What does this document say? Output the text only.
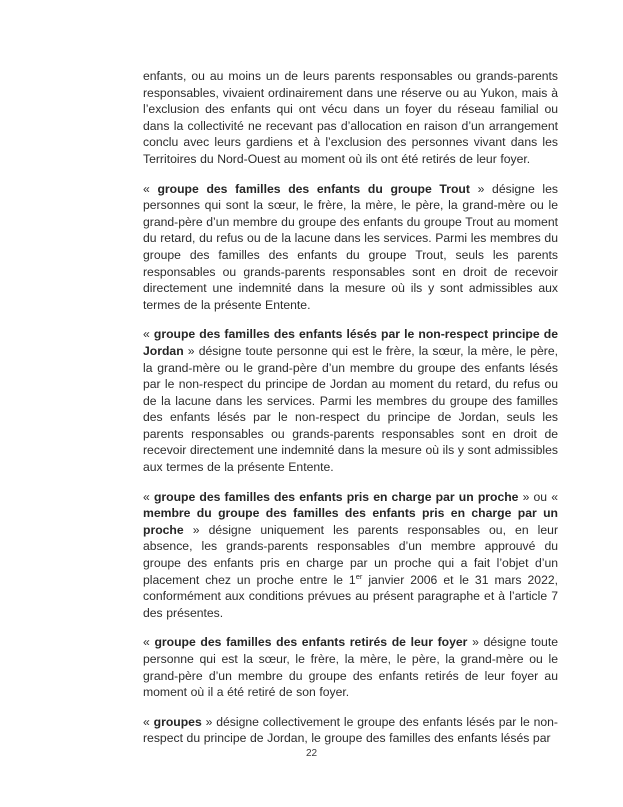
enfants, ou au moins un de leurs parents responsables ou grands-parents responsables, vivaient ordinairement dans une réserve ou au Yukon, mais à l’exclusion des enfants qui ont vécu dans un foyer du réseau familial ou dans la collectivité ne recevant pas d’allocation en raison d’un arrangement conclu avec leurs gardiens et à l’exclusion des personnes vivant dans les Territoires du Nord-Ouest au moment où ils ont été retirés de leur foyer.

« groupe des familles des enfants du groupe Trout » désigne les personnes qui sont la sœur, le frère, la mère, le père, la grand-mère ou le grand-père d’un membre du groupe des enfants du groupe Trout au moment du retard, du refus ou de la lacune dans les services. Parmi les membres du groupe des familles des enfants du groupe Trout, seuls les parents responsables ou grands-parents responsables sont en droit de recevoir directement une indemnité dans la mesure où ils y sont admissibles aux termes de la présente Entente.

« groupe des familles des enfants lésés par le non-respect principe de Jordan » désigne toute personne qui est le frère, la sœur, la mère, le père, la grand-mère ou le grand-père d’un membre du groupe des enfants lésés par le non-respect du principe de Jordan au moment du retard, du refus ou de la lacune dans les services. Parmi les membres du groupe des familles des enfants lésés par le non-respect du principe de Jordan, seuls les parents responsables ou grands-parents responsables sont en droit de recevoir directement une indemnité dans la mesure où ils y sont admissibles aux termes de la présente Entente.

« groupe des familles des enfants pris en charge par un proche » ou « membre du groupe des familles des enfants pris en charge par un proche » désigne uniquement les parents responsables ou, en leur absence, les grands-parents responsables d’un membre approuvé du groupe des enfants pris en charge par un proche qui a fait l’objet d’un placement chez un proche entre le 1er janvier 2006 et le 31 mars 2022, conformément aux conditions prévues au présent paragraphe et à l’article 7 des présentes.

« groupe des familles des enfants retirés de leur foyer » désigne toute personne qui est la sœur, le frère, la mère, le père, la grand-mère ou le grand-père d’un membre du groupe des enfants retirés de leur foyer au moment où il a été retiré de son foyer.

« groupes » désigne collectivement le groupe des enfants lésés par le non-respect du principe de Jordan, le groupe des familles des enfants lésés par

22
